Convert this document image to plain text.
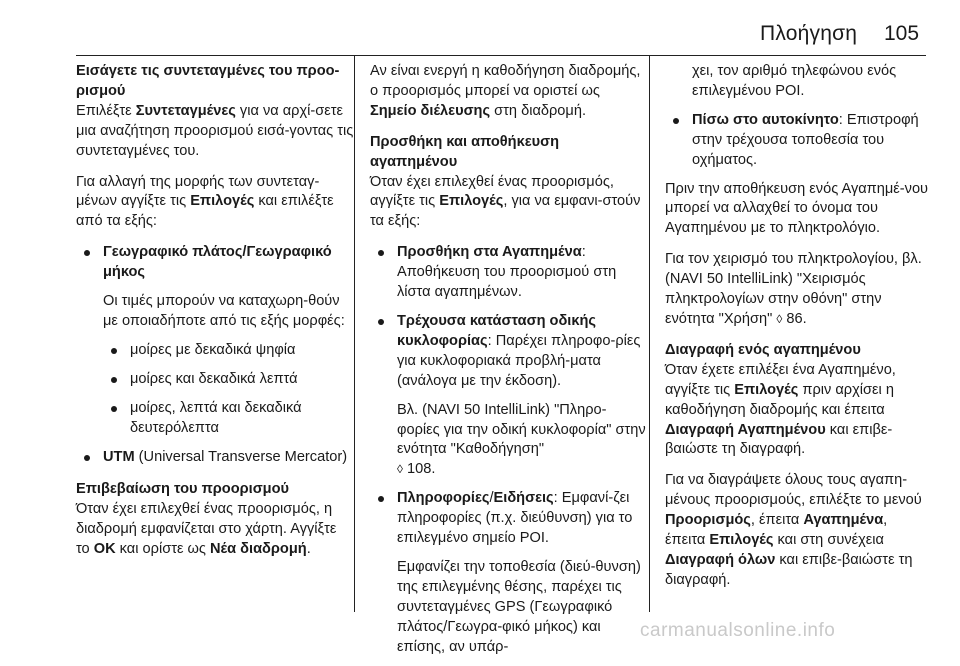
Πλοήγηση 105

Εισάγετε τις συντεταγμένες του προο-ρισμού

Επιλέξτε Συντεταγμένες για να αρχί-σετε μια αναζήτηση προορισμού εισά-γοντας τις συντεταγμένες του.

Για αλλαγή της μορφής των συντεταγ-μένων αγγίξτε τις Επιλογές και επιλέξτε από τα εξής:

Γεωγραφικό πλάτος/Γεωγραφικό μήκος
Οι τιμές μπορούν να καταχωρη-θούν με οποιαδήποτε από τις εξής μορφές:
μοίρες με δεκαδικά ψηφία
μοίρες και δεκαδικά λεπτά
μοίρες, λεπτά και δεκαδικά δευτερόλεπτα
UTM (Universal Transverse Mercator)

Επιβεβαίωση του προορισμού

Όταν έχει επιλεχθεί ένας προορισμός, η διαδρομή εμφανίζεται στο χάρτη. Αγγίξτε το OK και ορίστε ως Νέα διαδρομή.

Αν είναι ενεργή η καθοδήγηση διαδρομής, ο προορισμός μπορεί να οριστεί ως Σημείο διέλευσης στη διαδρομή.

Προσθήκη και αποθήκευση αγαπημένου

Όταν έχει επιλεχθεί ένας προορισμός, αγγίξτε τις Επιλογές, για να εμφανι-στούν τα εξής:

Προσθήκη στα Αγαπημένα: Αποθήκευση του προορισμού στη λίστα αγαπημένων.
Τρέχουσα κατάσταση οδικής κυκλοφορίας: Παρέχει πληροφο-ρίες για κυκλοφοριακά προβλή-ματα (ανάλογα με την έκδοση).
Βλ. (NAVI 50 IntelliLink) "Πληρο-φορίες για την οδική κυκλοφορία" στην ενότητα "Καθοδήγηση"
◊ 108.
Πληροφορίες/Ειδήσεις: Εμφανί-ζει πληροφορίες (π.χ. διεύθυνση) για το επιλεγμένο σημείο POI.
Εμφανίζει την τοποθεσία (διεύ-θυνση) της επιλεγμένης θέσης, παρέχει τις συντεταγμένες GPS (Γεωγραφικό πλάτος/Γεωγρα-φικό μήκος) και επίσης, αν υπάρ-
χει, τον αριθμό τηλεφώνου ενός επιλεγμένου POI.
Πίσω στο αυτοκίνητο: Επιστροφή στην τρέχουσα τοποθεσία του οχήματος.

Πριν την αποθήκευση ενός Αγαπημέ-νου μπορεί να αλλαχθεί το όνομα του Αγαπημένου με το πληκτρολόγιο.

Για τον χειρισμό του πληκτρολογίου, βλ. (NAVI 50 IntelliLink) "Χειρισμός πληκτρολογίων στην οθόνη" στην ενότητα "Χρήση" ◊ 86.

Διαγραφή ενός αγαπημένου

Όταν έχετε επιλέξει ένα Αγαπημένο, αγγίξτε τις Επιλογές πριν αρχίσει η καθοδήγηση διαδρομής και έπειτα Διαγραφή Αγαπημένου και επιβε-βαιώστε τη διαγραφή.

Για να διαγράψετε όλους τους αγαπη-μένους προορισμούς, επιλέξτε το μενού Προορισμός, έπειτα Αγαπημένα, έπειτα Επιλογές και στη συνέχεια Διαγραφή όλων και επιβε-βαιώστε τη διαγραφή.

carmanualsonline.info
